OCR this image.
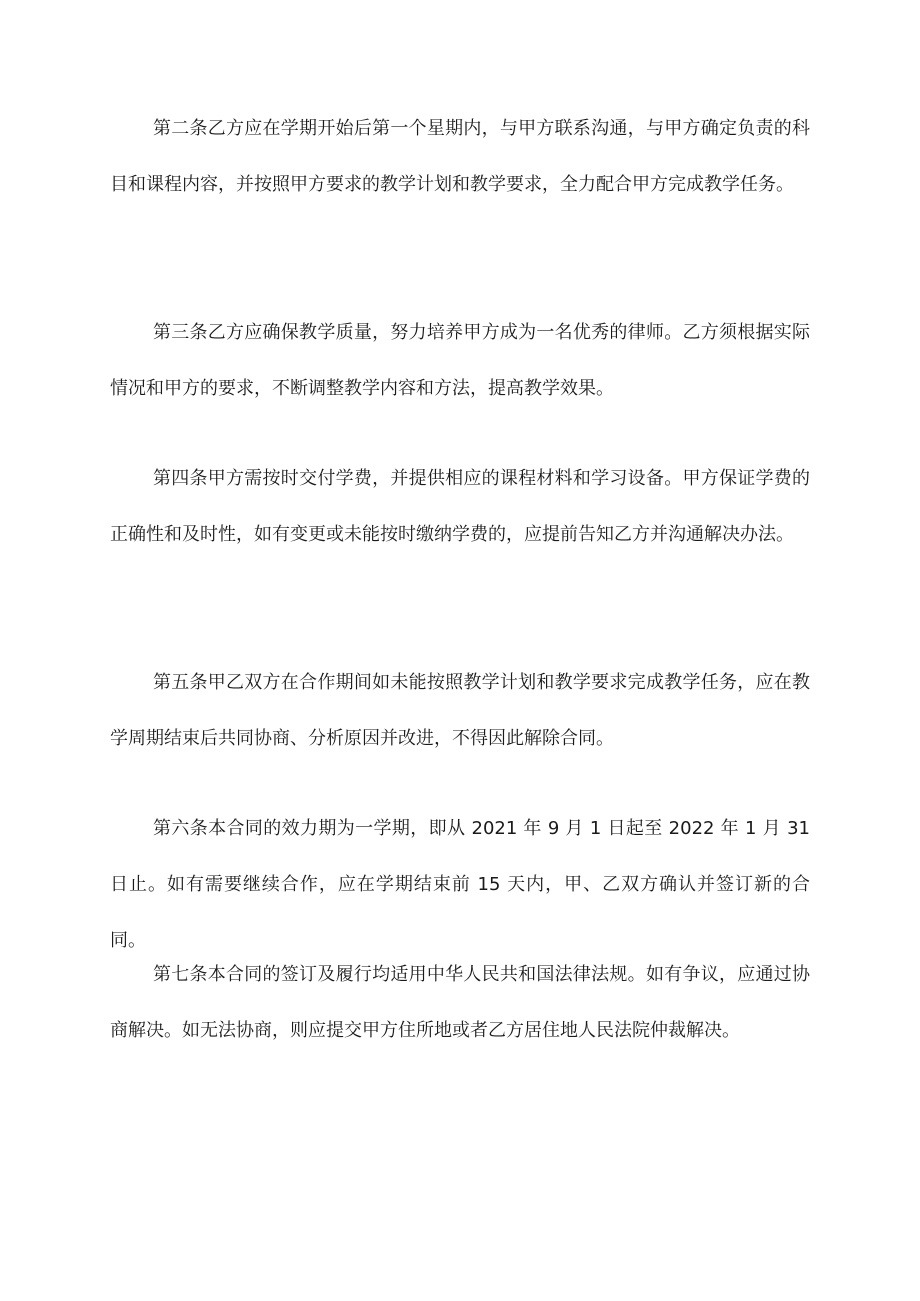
第二条乙方应在学期开始后第一个星期内，与甲方联系沟通，与甲方确定负责的科目和课程内容，并按照甲方要求的教学计划和教学要求，全力配合甲方完成教学任务。

第三条乙方应确保教学质量，努力培养甲方成为一名优秀的律师。乙方须根据实际情况和甲方的要求，不断调整教学内容和方法，提高教学效果。

第四条甲方需按时交付学费，并提供相应的课程材料和学习设备。甲方保证学费的正确性和及时性，如有变更或未能按时缴纳学费的，应提前告知乙方并沟通解决办法。

第五条甲乙双方在合作期间如未能按照教学计划和教学要求完成教学任务，应在教学周期结束后共同协商、分析原因并改进，不得因此解除合同。

第六条本合同的效力期为一学期，即从 2021 年 9 月 1 日起至 2022 年 1 月 31 日止。如有需要继续合作，应在学期结束前 15 天内，甲、乙双方确认并签订新的合同。

第七条本合同的签订及履行均适用中华人民共和国法律法规。如有争议，应通过协商解决。如无法协商，则应提交甲方住所地或者乙方居住地人民法院仲裁解决。
